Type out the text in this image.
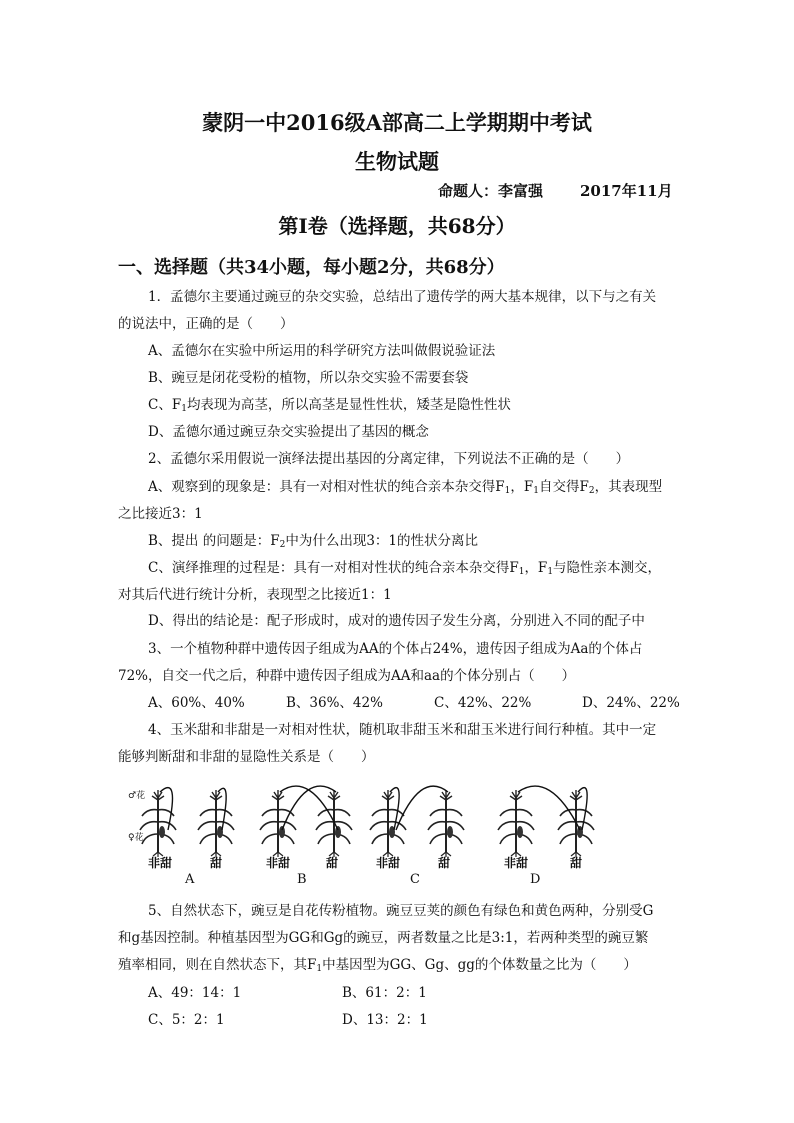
蒙阴一中2016级A部高二上学期期中考试
生物试题
命题人：李富强 2017年11月
第Ⅰ卷（选择题，共68分）
一、选择题（共34小题，每小题2分，共68分）
1．孟德尔主要通过豌豆的杂交实验，总结出了遗传学的两大基本规律，以下与之有关
的说法中，正确的是（　　）
A、孟德尔在实验中所运用的科学研究方法叫做假说验证法
B、豌豆是闭花受粉的植物，所以杂交实验不需要套袋
C、$F_1$均表现为高茎，所以高茎是显性性状，矮茎是隐性性状
D、孟德尔通过豌豆杂交实验提出了基因的概念
2、孟德尔采用假说一演绎法提出基因的分离定律，下列说法不正确的是（　　）
A、观察到的现象是：具有一对相对性状的纯合亲本杂交得$F_1$，$F_1$自交得$F_2$，其表现型
之比接近3：1
B、提出 的问题是：$F_2$中为什么出现3：1的性状分离比
C、演绎推理的过程是：具有一对相对性状的纯合亲本杂交得$F_1$，$F_1$与隐性亲本测交，
对其后代进行统计分析，表现型之比接近1：1
D、得出的结论是：配子形成时，成对的遗传因子发生分离，分别进入不同的配子中
3、一个植物种群中遗传因子组成为AA的个体占24%，遗传因子组成为Aa的个体占
72%，自交一代之后，种群中遗传因子组成为AA和aa的个体分别占（　　）
A、60%、40%	B、36%、42%	C、42%、22%	D、24%、22%
4、玉米甜和非甜是一对相对性状，随机取非甜玉米和甜玉米进行间行种植。其中一定
能够判断甜和非甜的显隐性关系是（　　）
♂花
♀花
非甜	甜	非甜	甜	非甜	甜	非甜	甜
A	B	C	D
5、自然状态下，豌豆是自花传粉植物。豌豆豆荚的颜色有绿色和黄色两种，分别受G
和g基因控制。种植基因型为GG和Gg的豌豆，两者数量之比是3:1，若两种类型的豌豆繁
殖率相同，则在自然状态下，其$F_1$中基因型为GG、Gg、gg的个体数量之比为（　　）
A、49：14：1	B、61：2：1
C、5：2：1	D、13：2：1
